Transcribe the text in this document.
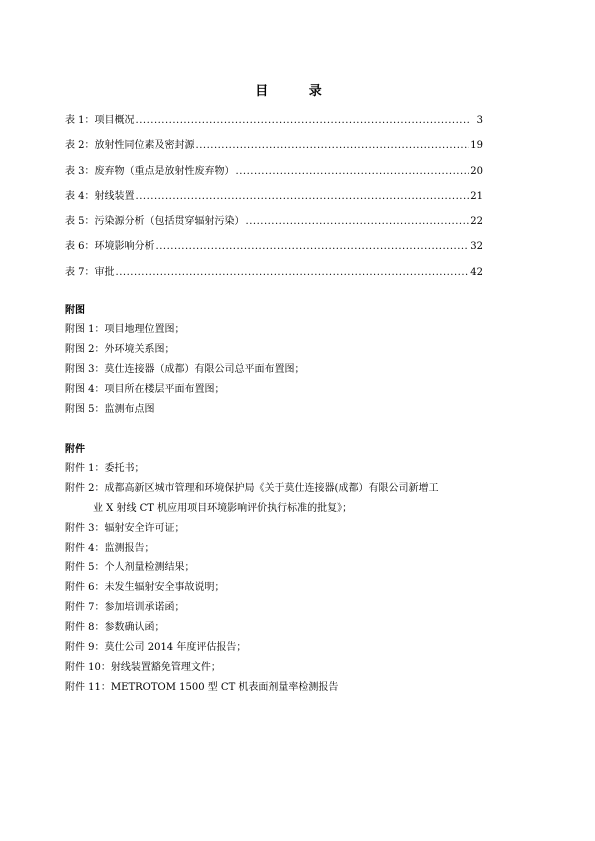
目 录
表 1：项目概况 .....	3
表 2：放射性同位素及密封源 .....	19
表 3：废弃物（重点是放射性废弃物） .....	20
表 4：射线装置 .....	21
表 5：污染源分析（包括贯穿辐射污染） .....	22
表 6：环境影响分析 .....	32
表 7：审批 .....	42
附图
附图 1：项目地理位置图；
附图 2：外环境关系图；
附图 3：莫仕连接器（成都）有限公司总平面布置图；
附图 4：项目所在楼层平面布置图；
附图 5：监测布点图
附件
附件 1：委托书；
附件 2：成都高新区城市管理和环境保护局《关于莫仕连接器(成都）有限公司新增工
业 X 射线 CT 机应用项目环境影响评价执行标准的批复》；
附件 3：辐射安全许可证；
附件 4：监测报告；
附件 5：个人剂量检测结果；
附件 6：未发生辐射安全事故说明；
附件 7：参加培训承诺函；
附件 8：参数确认函；
附件 9：莫仕公司 2014 年度评估报告；
附件 10：射线装置豁免管理文件；
附件 11：METROTOM 1500 型 CT 机表面剂量率检测报告
